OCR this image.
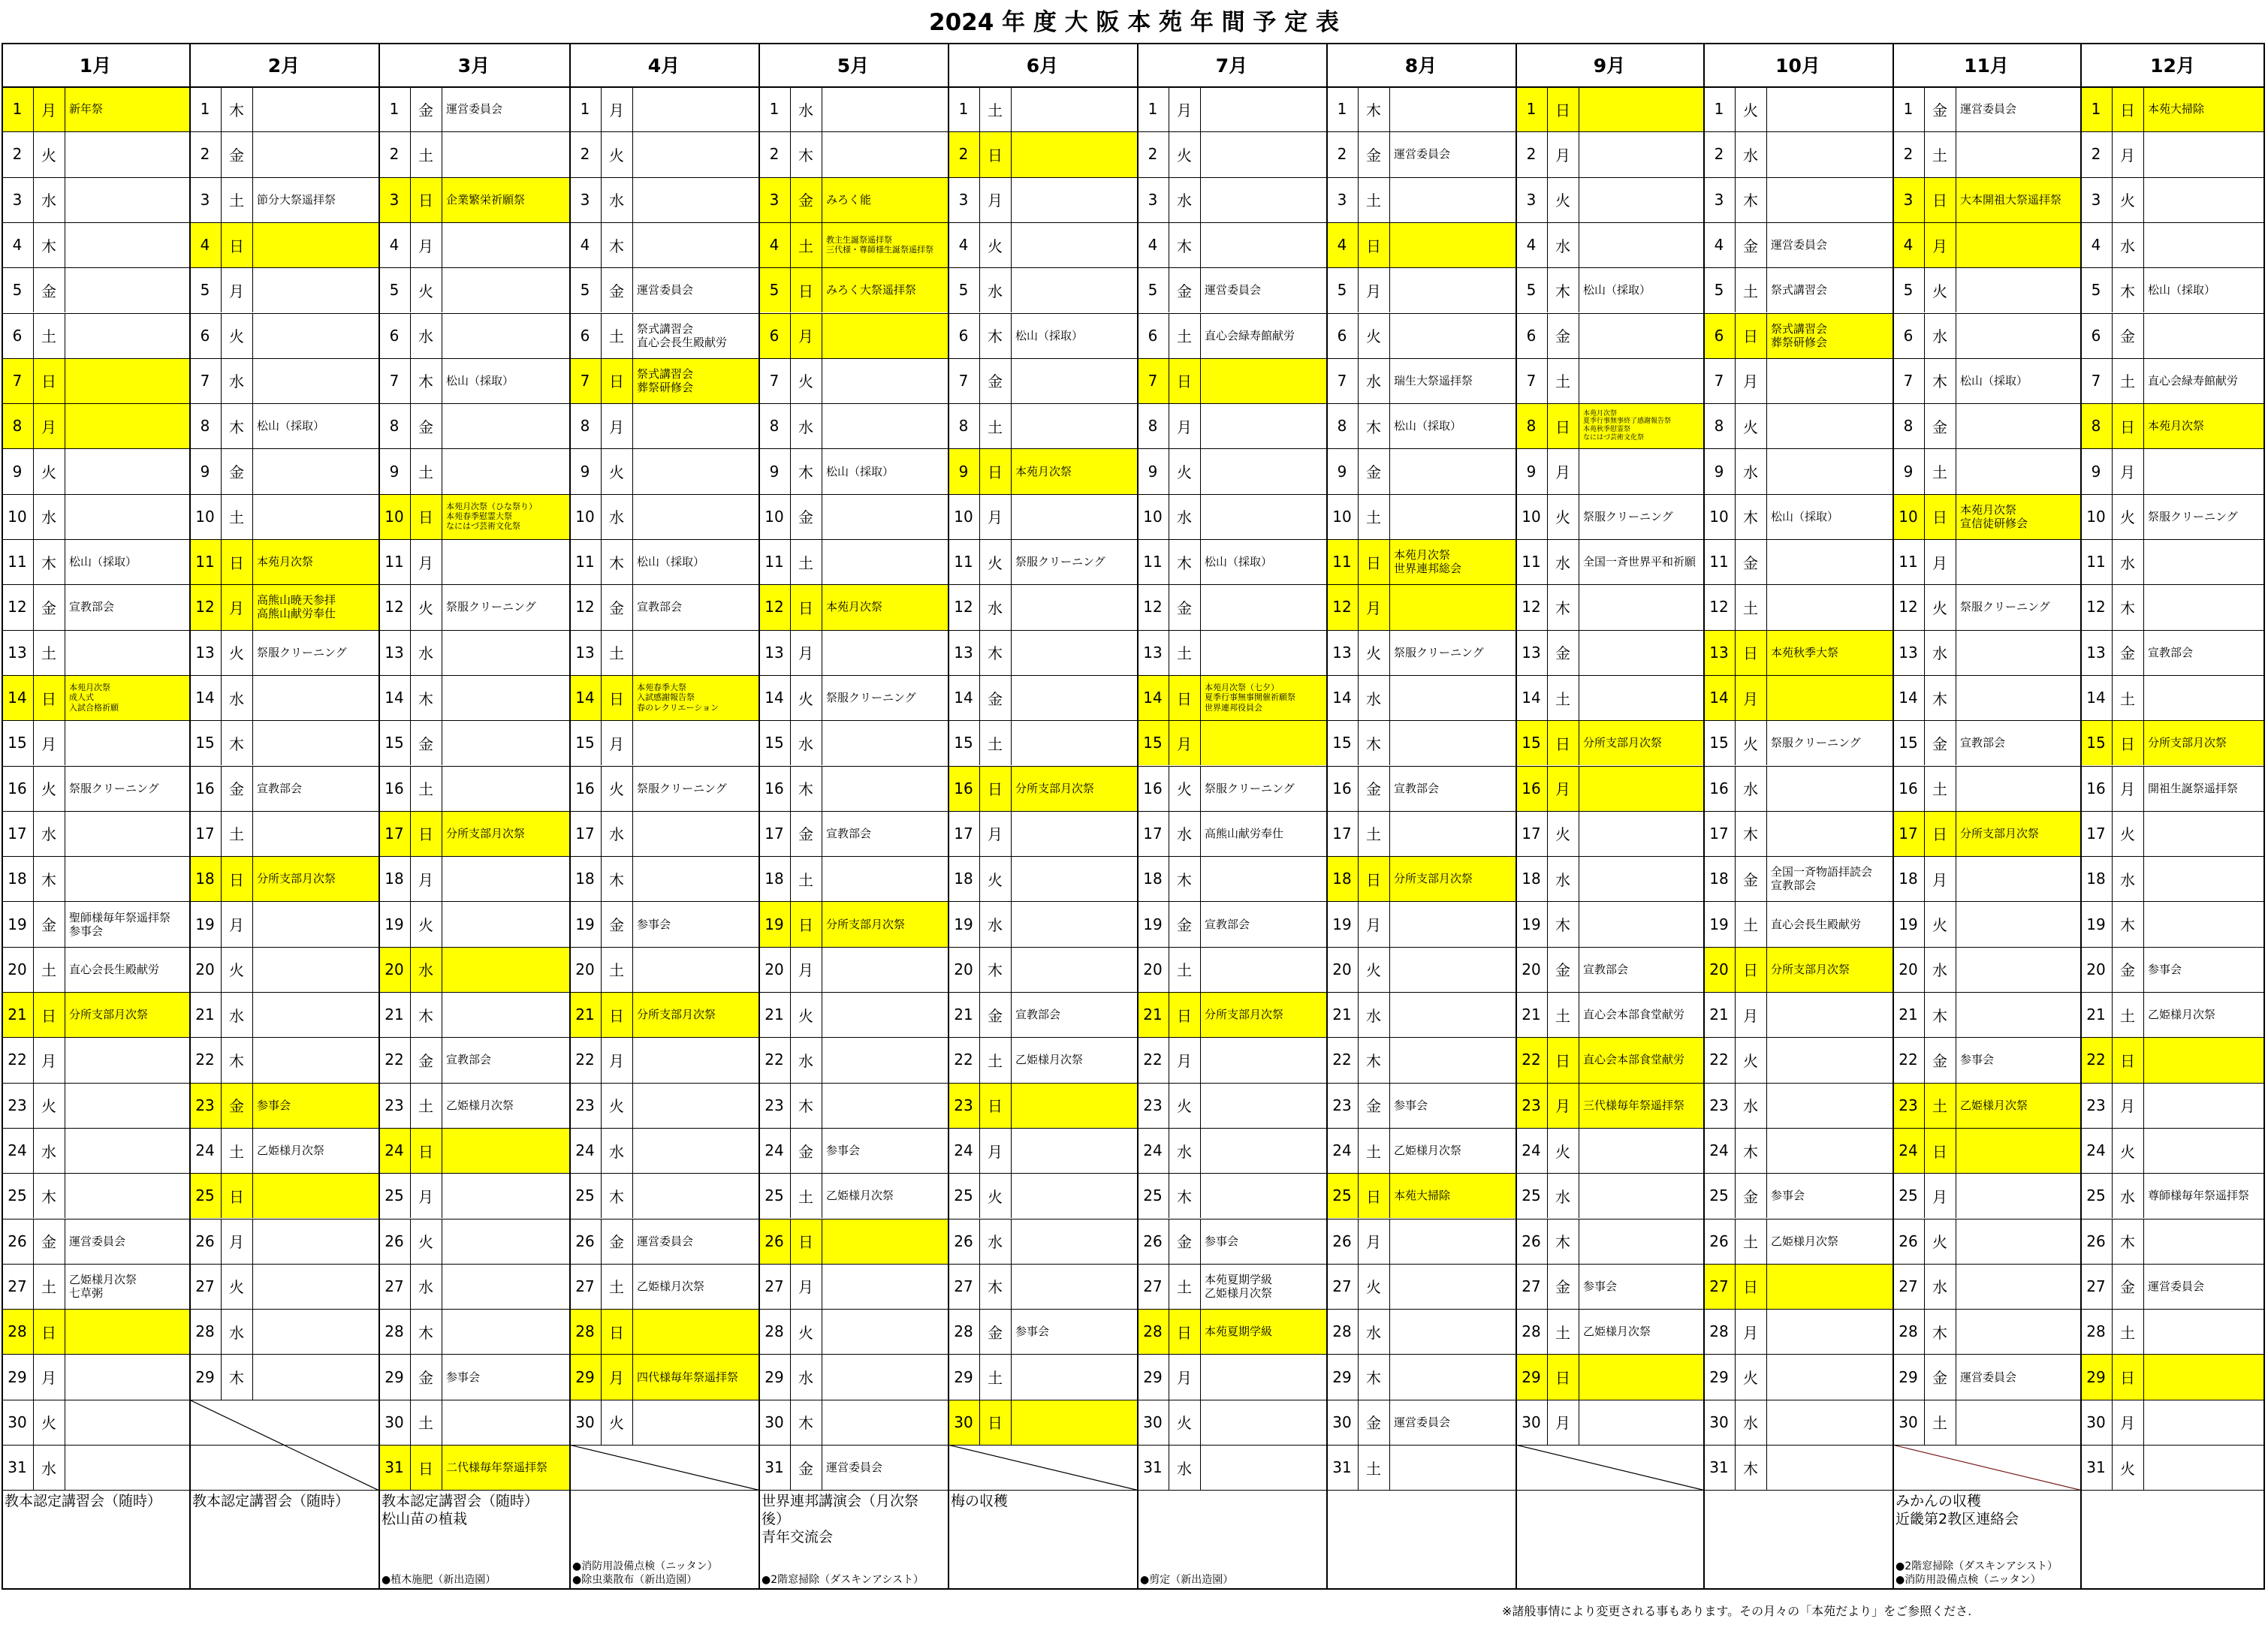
2024 年 度 大 阪 本 苑 年 間 予 定 表
1月
1	月	新年祭
2	火
3	水
4	木
5	金
6	土
7	日
8	月
9	火
10 水
11 木	松山（採取）
12 金	宣教部会
13 土
14 日
本苑月次祭
成人式
入試合格祈願
15 月
16 火	祭服クリーニング
17 水
18 木
19 金	聖師様毎年祭遥拝祭
参事会
20 土	直心会長生殿献労
21 日	分所支部月次祭
22 月
23 火
24 水
25 木
26 金	運営委員会
27 土	乙姫様月次祭
七草粥
28 日
29 月
30 火
31 水
教本認定講習会（随時）
2月
1	木
2	金
3	土	節分大祭遥拝祭
4	日
5	月
6	火
7	水
8	木	松山（採取）
9	金
10 土
11 日	本苑月次祭
12 月	高熊山暁天参拝
高熊山献労奉仕
13 火	祭服クリーニング
14 水
15 木
16 金	宣教部会
17 土
18 日	分所支部月次祭
19 月
20 火
21 水
22 木
23 金	参事会
24 土	乙姫様月次祭
25 日
26 月
27 火
28 水
29 木
教本認定講習会（随時）
3月
1	金	運営委員会
2	土
3	日	企業繁栄祈願祭
4	月
5	火
6	水
7	木	松山（採取）
8	金
9	土
10 日
本苑月次祭（ひな祭り）
本苑春季慰霊大祭
なにはづ芸術文化祭
11 月
12 火	祭服クリーニング
13 水
14 木
15 金
16 土
17 日	分所支部月次祭
18 月
19 火
20 水
21 木
22 金	宣教部会
23 土	乙姫様月次祭
24 日
25 月
26 火
27 水
28 木
29 金	参事会
30 土
31 日	二代様毎年祭遥拝祭
教本認定講習会（随時）
松山苗の植栽
●植木施肥（新出造園）
4月
1	月
2	火
3	水
4	木
5	金	運営委員会
6	土	祭式講習会
直心会長生殿献労
7	日	祭式講習会
葬祭研修会
8	月
9	火
10 水
11 木	松山（採取）
12 金	宣教部会
13 土
14 日
本苑春季大祭
入試感謝報告祭
春のレクリエーション
15 月
16 火	祭服クリーニング
17 水
18 木
19 金	参事会
20 土
21 日	分所支部月次祭
22 月
23 火
24 水
25 木
26 金	運営委員会
27 土	乙姫様月次祭
28 日
29 月	四代様毎年祭遥拝祭
30 火
●消防用設備点検（ニッタン）
●除虫薬散布（新出造園）
5月
1	水
2	木
3	金	みろく能
4	土	教主生誕祭遥拝祭
三代様・尊師様生誕祭遥拝祭
5	日	みろく大祭遥拝祭
6	月
7	火
8	水
9	木	松山（採取）
10 金
11 土
12 日	本苑月次祭
13 月
14 火	祭服クリーニング
15 水
16 木
17 金	宣教部会
18 土
19 日	分所支部月次祭
20 月
21 火
22 水
23 木
24 金	参事会
25 土	乙姫様月次祭
26 日
27 月
28 火
29 水
30 木
31 金	運営委員会
世界連邦講演会（月次祭後）
青年交流会
●2階窓掃除（ダスキンアシスト）
6月
1	土
2	日
3	月
4	火
5	水
6	木	松山（採取）
7	金
8	土
9	日	本苑月次祭
10 月
11 火	祭服クリーニング
12 水
13 木
14 金
15 土
16 日	分所支部月次祭
17 月
18 火
19 水
20 木
21 金	宣教部会
22 土	乙姫様月次祭
23 日
24 月
25 火
26 水
27 木
28 金	参事会
29 土
30 日
梅の収穫
7月
1	月
2	火
3	水
4	木
5	金	運営委員会
6	土	直心会緑寿館献労
7	日
8	月
9	火
10 水
11 木	松山（採取）
12 金
13 土
14 日
本苑月次祭（七夕）
夏季行事無事開催祈願祭
世界連邦役員会
15 月
16 火	祭服クリーニング
17 水	高熊山献労奉仕
18 木
19 金	宣教部会
20 土
21 日	分所支部月次祭
22 月
23 火
24 水
25 木
26 金	参事会
27 土	本苑夏期学級
乙姫様月次祭
28 日	本苑夏期学級
29 月
30 火
31 水
●剪定（新出造園）
8月
1	木
2	金	運営委員会
3	土
4	日
5	月
6	火
7	水	瑞生大祭遥拝祭
8	木	松山（採取）
9	金
10 土
11 日	本苑月次祭
世界連邦総会
12 月
13 火	祭服クリーニング
14 水
15 木
16 金	宣教部会
17 土
18 日	分所支部月次祭
19 月
20 火
21 水
22 木
23 金	参事会
24 土	乙姫様月次祭
25 日	本苑大掃除
26 月
27 火
28 水
29 木
30 金	運営委員会
31 土
9月
1	日
2	月
3	火
4	水
5	木	松山（採取）
6	金
7	土
8	日
本苑月次祭
夏季行事無事終了感謝報告祭
本苑秋季慰霊祭
なにはづ芸術文化祭
9	月
10 火	祭服クリーニング
11 水	全国一斉世界平和祈願
12 木
13 金
14 土
15 日	分所支部月次祭
16 月
17 火
18 水
19 木
20 金	宣教部会
21 土	直心会本部食堂献労
22 日	直心会本部食堂献労
23 月	三代様毎年祭遥拝祭
24 火
25 水
26 木
27 金	参事会
28 土	乙姫様月次祭
29 日
30 月
10月
1	火
2	水
3	木
4	金	運営委員会
5	土	祭式講習会
6	日	祭式講習会
葬祭研修会
7	月
8	火
9	水
10 木	松山（採取）
11 金
12 土
13 日	本苑秋季大祭
14 月
15 火	祭服クリーニング
16 水
17 木
18 金	全国一斉物語拝読会
宣教部会
19 土	直心会長生殿献労
20 日	分所支部月次祭
21 月
22 火
23 水
24 木
25 金	参事会
26 土	乙姫様月次祭
27 日
28 月
29 火
30 水
31 木
11月
1	金	運営委員会
2	土
3	日	大本開祖大祭遥拝祭
4	月
5	火
6	水
7	木	松山（採取）
8	金
9	土
10 日	本苑月次祭
宣信徒研修会
11 月
12 火	祭服クリーニング
13 水
14 木
15 金	宣教部会
16 土
17 日	分所支部月次祭
18 月
19 火
20 水
21 木
22 金	参事会
23 土	乙姫様月次祭
24 日
25 月
26 火
27 水
28 木
29 金	運営委員会
30 土
みかんの収穫
近畿第2教区連絡会
●2階窓掃除（ダスキンアシスト）
●消防用設備点検（ニッタン）
12月
1	日	本苑大掃除
2	月
3	火
4	水
5	木	松山（採取）
6	金
7	土	直心会緑寿館献労
8	日	本苑月次祭
9	月
10 火	祭服クリーニング
11 水
12 木
13 金	宣教部会
14 土
15 日	分所支部月次祭
16 月	開祖生誕祭遥拝祭
17 火
18 水
19 木
20 金	参事会
21 土	乙姫様月次祭
22 日
23 月
24 火
25 水	尊師様毎年祭遥拝祭
26 木
27 金	運営委員会
28 土
29 日
30 月
31 火
※諸般事情により変更される事もあります。その月々の「本苑だより」をご参照くださ.
